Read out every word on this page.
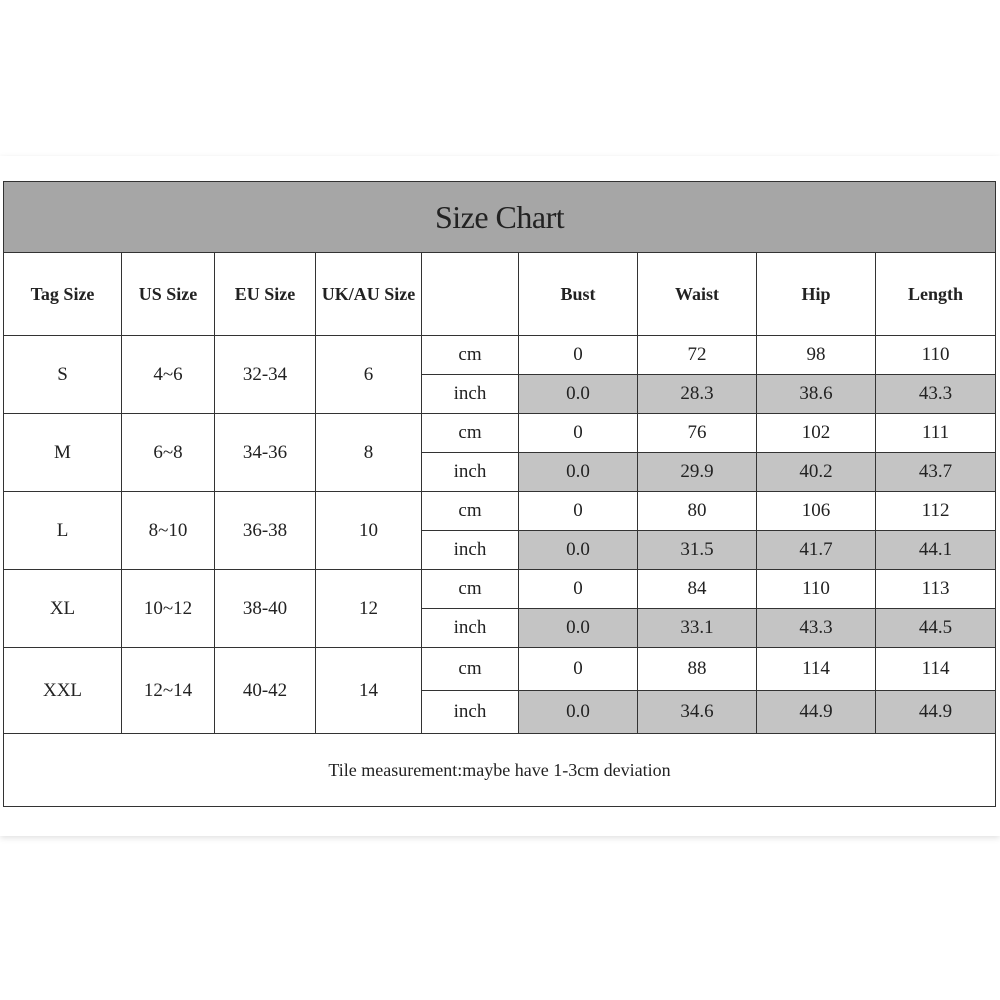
Size Chart								
Tag Size	US Size	EU Size	UK/AU Size		Bust	Waist	Hip	Length
S	4~6	32-34	6	cm	0	72	98	110
				inch	0.0	28.3	38.6	43.3
M	6~8	34-36	8	cm	0	76	102	111
				inch	0.0	29.9	40.2	43.7
L	8~10	36-38	10	cm	0	80	106	112
				inch	0.0	31.5	41.7	44.1
XL	10~12	38-40	12	cm	0	84	110	113
				inch	0.0	33.1	43.3	44.5
XXL	12~14	40-42	14	cm	0	88	114	114
				inch	0.0	34.6	44.9	44.9
Tile measurement:maybe have 1-3cm deviation								
